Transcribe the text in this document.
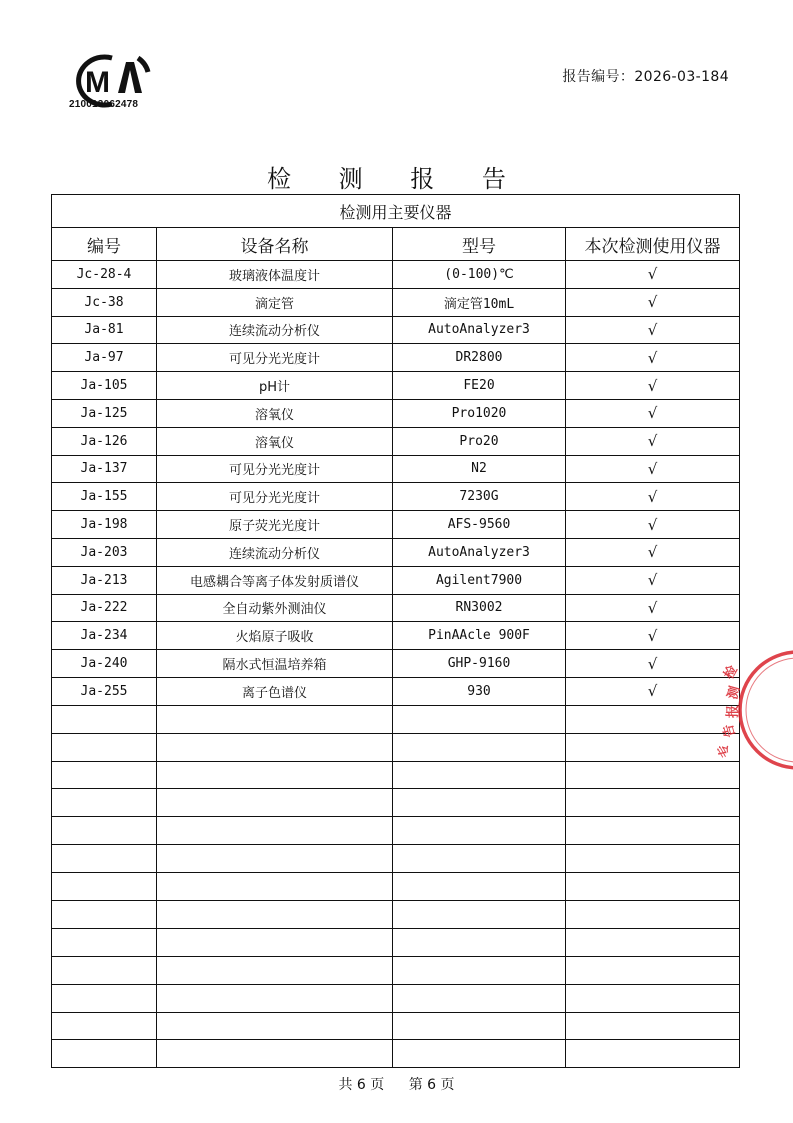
M
210013062478
报告编号：2026-03-184
检 测 报 告
检测用主要仪器			
编号	设备名称	型号	本次检测使用仪器
Jc-28-4	玻璃液体温度计	(0-100)℃	√
Jc-38	滴定管	滴定管10mL	√
Ja-81	连续流动分析仪	AutoAnalyzer3	√
Ja-97	可见分光光度计	DR2800	√
Ja-105	pH计	FE20	√
Ja-125	溶氧仪	Pro1020	√
Ja-126	溶氧仪	Pro20	√
Ja-137	可见分光光度计	N2	√
Ja-155	可见分光光度计	7230G	√
Ja-198	原子荧光光度计	AFS-9560	√
Ja-203	连续流动分析仪	AutoAnalyzer3	√
Ja-213	电感耦合等离子体发射质谱仪	Agilent7900	√
Ja-222	全自动紫外测油仪	RN3002	√
Ja-234	火焰原子吸收	PinAAcle 900F	√
Ja-240	隔水式恒温培养箱	GHP-9160	√
Ja-255	离子色谱仪	930	√

检
测
报
告
专
共 6 页 第 6 页
